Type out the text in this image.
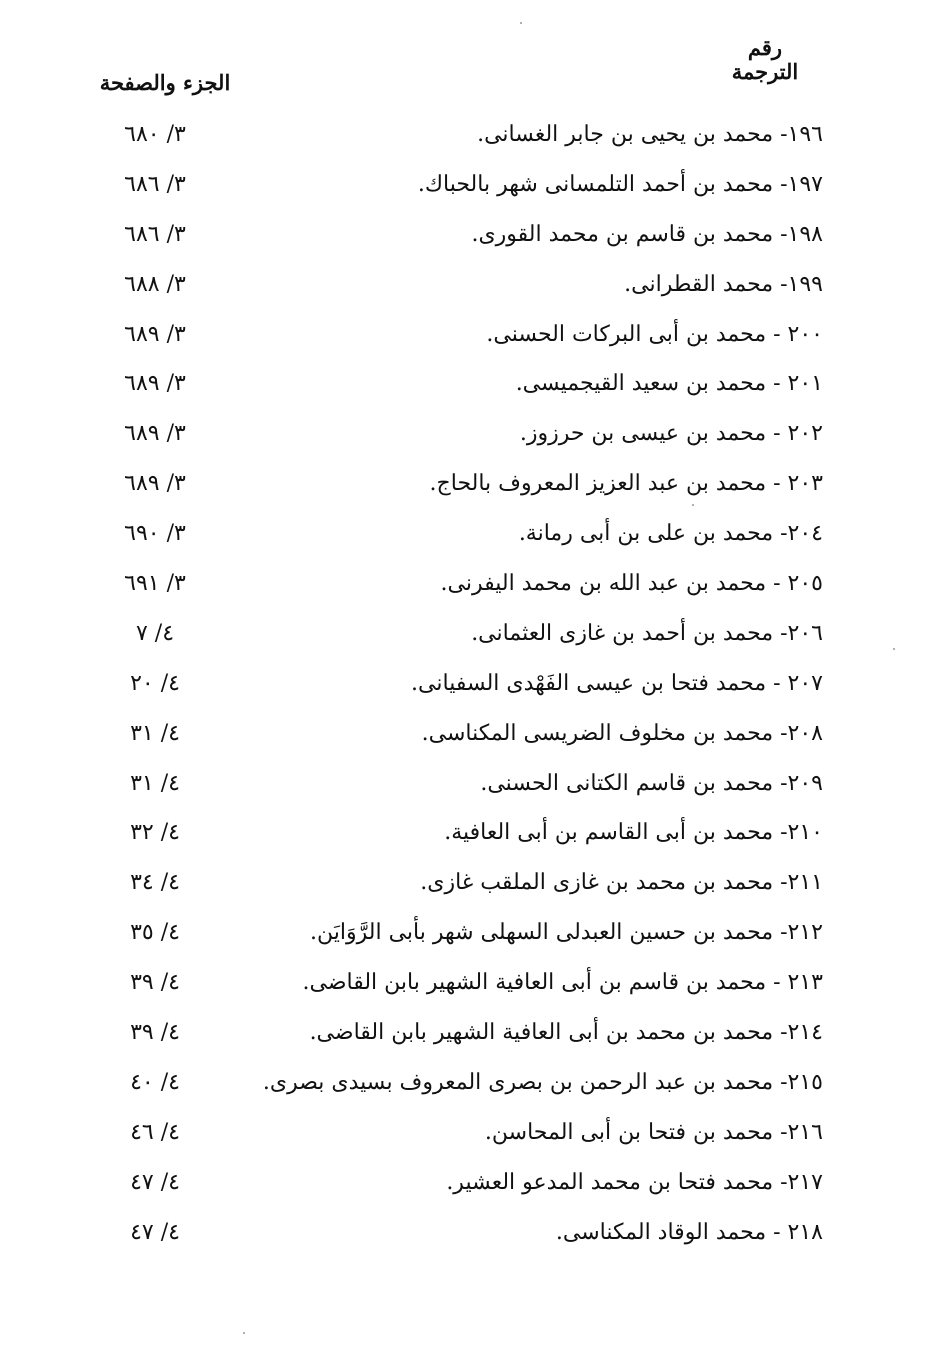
رقم
الترجمة
الجزء والصفحة
١٩٦- محمد بن يحيى بن جابر الغسانى.
٣/ ٦٨٠
١٩٧- محمد بن أحمد التلمسانى شهر بالحباك.
٣/ ٦٨٦
١٩٨- محمد بن قاسم بن محمد القورى.
٣/ ٦٨٦
١٩٩- محمد القطرانى.
٣/ ٦٨٨
٢٠٠ - محمد بن أبى البركات الحسنى.
٣/ ٦٨٩
٢٠١ - محمد بن سعيد القيجميسى.
٣/ ٦٨٩
٢٠٢ - محمد بن عيسى بن حرزوز.
٣/ ٦٨٩
٢٠٣ - محمد بن عبد العزيز المعروف بالحاج.
٣/ ٦٨٩
٢٠٤- محمد بن على بن أبى رمانة.
٣/ ٦٩٠
٢٠٥ - محمد بن عبد الله بن محمد اليفرنى.
٣/ ٦٩١
٢٠٦- محمد بن أحمد بن غازى العثمانى.
٤/ ٧
٢٠٧ - محمد فتحا بن عيسى الفَهْدى السفيانى.
٤/ ٢٠
٢٠٨- محمد بن مخلوف الضريسى المكناسى.
٤/ ٣١
٢٠٩- محمد بن قاسم الكتانى الحسنى.
٤/ ٣١
٢١٠- محمد بن أبى القاسم بن أبى العافية.
٤/ ٣٢
٢١١- محمد بن محمد بن غازى الملقب غازى.
٤/ ٣٤
٢١٢- محمد بن حسين العبدلى السهلى شهر بأبى الرَّوَايَن.
٤/ ٣٥
٢١٣ - محمد بن قاسم بن أبى العافية الشهير بابن القاضى.
٤/ ٣٩
٢١٤- محمد بن محمد بن أبى العافية الشهير بابن القاضى.
٤/ ٣٩
٢١٥- محمد بن عبد الرحمن بن بصرى المعروف بسيدى بصرى.
٤/ ٤٠
٢١٦- محمد بن فتحا بن أبى المحاسن.
٤/ ٤٦
٢١٧- محمد فتحا بن محمد المدعو العشير.
٤/ ٤٧
٢١٨ - محمد الوقاد المكناسى.
٤/ ٤٧
